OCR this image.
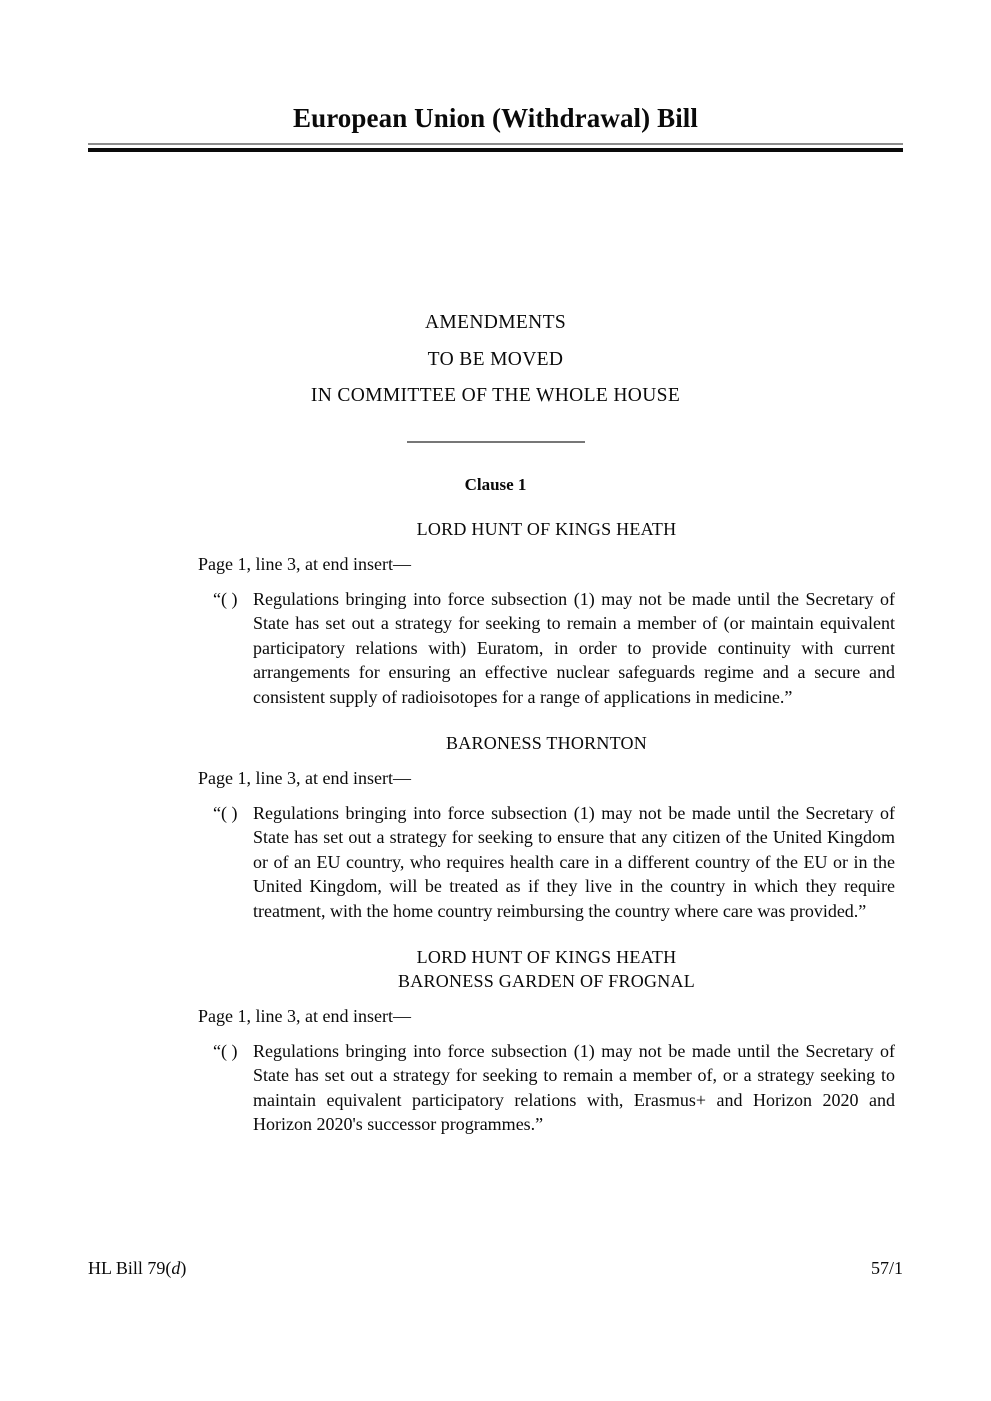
European Union (Withdrawal) Bill
AMENDMENTS
TO BE MOVED
IN COMMITTEE OF THE WHOLE HOUSE
Clause 1
LORD HUNT OF KINGS HEATH
Page 1, line 3, at end insert—
“( ) Regulations bringing into force subsection (1) may not be made until the Secretary of State has set out a strategy for seeking to remain a member of (or maintain equivalent participatory relations with) Euratom, in order to provide continuity with current arrangements for ensuring an effective nuclear safeguards regime and a secure and consistent supply of radioisotopes for a range of applications in medicine.”
BARONESS THORNTON
Page 1, line 3, at end insert—
“( ) Regulations bringing into force subsection (1) may not be made until the Secretary of State has set out a strategy for seeking to ensure that any citizen of the United Kingdom or of an EU country, who requires health care in a different country of the EU or in the United Kingdom, will be treated as if they live in the country in which they require treatment, with the home country reimbursing the country where care was provided.”
LORD HUNT OF KINGS HEATH
BARONESS GARDEN OF FROGNAL
Page 1, line 3, at end insert—
“( ) Regulations bringing into force subsection (1) may not be made until the Secretary of State has set out a strategy for seeking to remain a member of, or a strategy seeking to maintain equivalent participatory relations with, Erasmus+ and Horizon 2020 and Horizon 2020's successor programmes.”
HL Bill 79(d)	57/1
